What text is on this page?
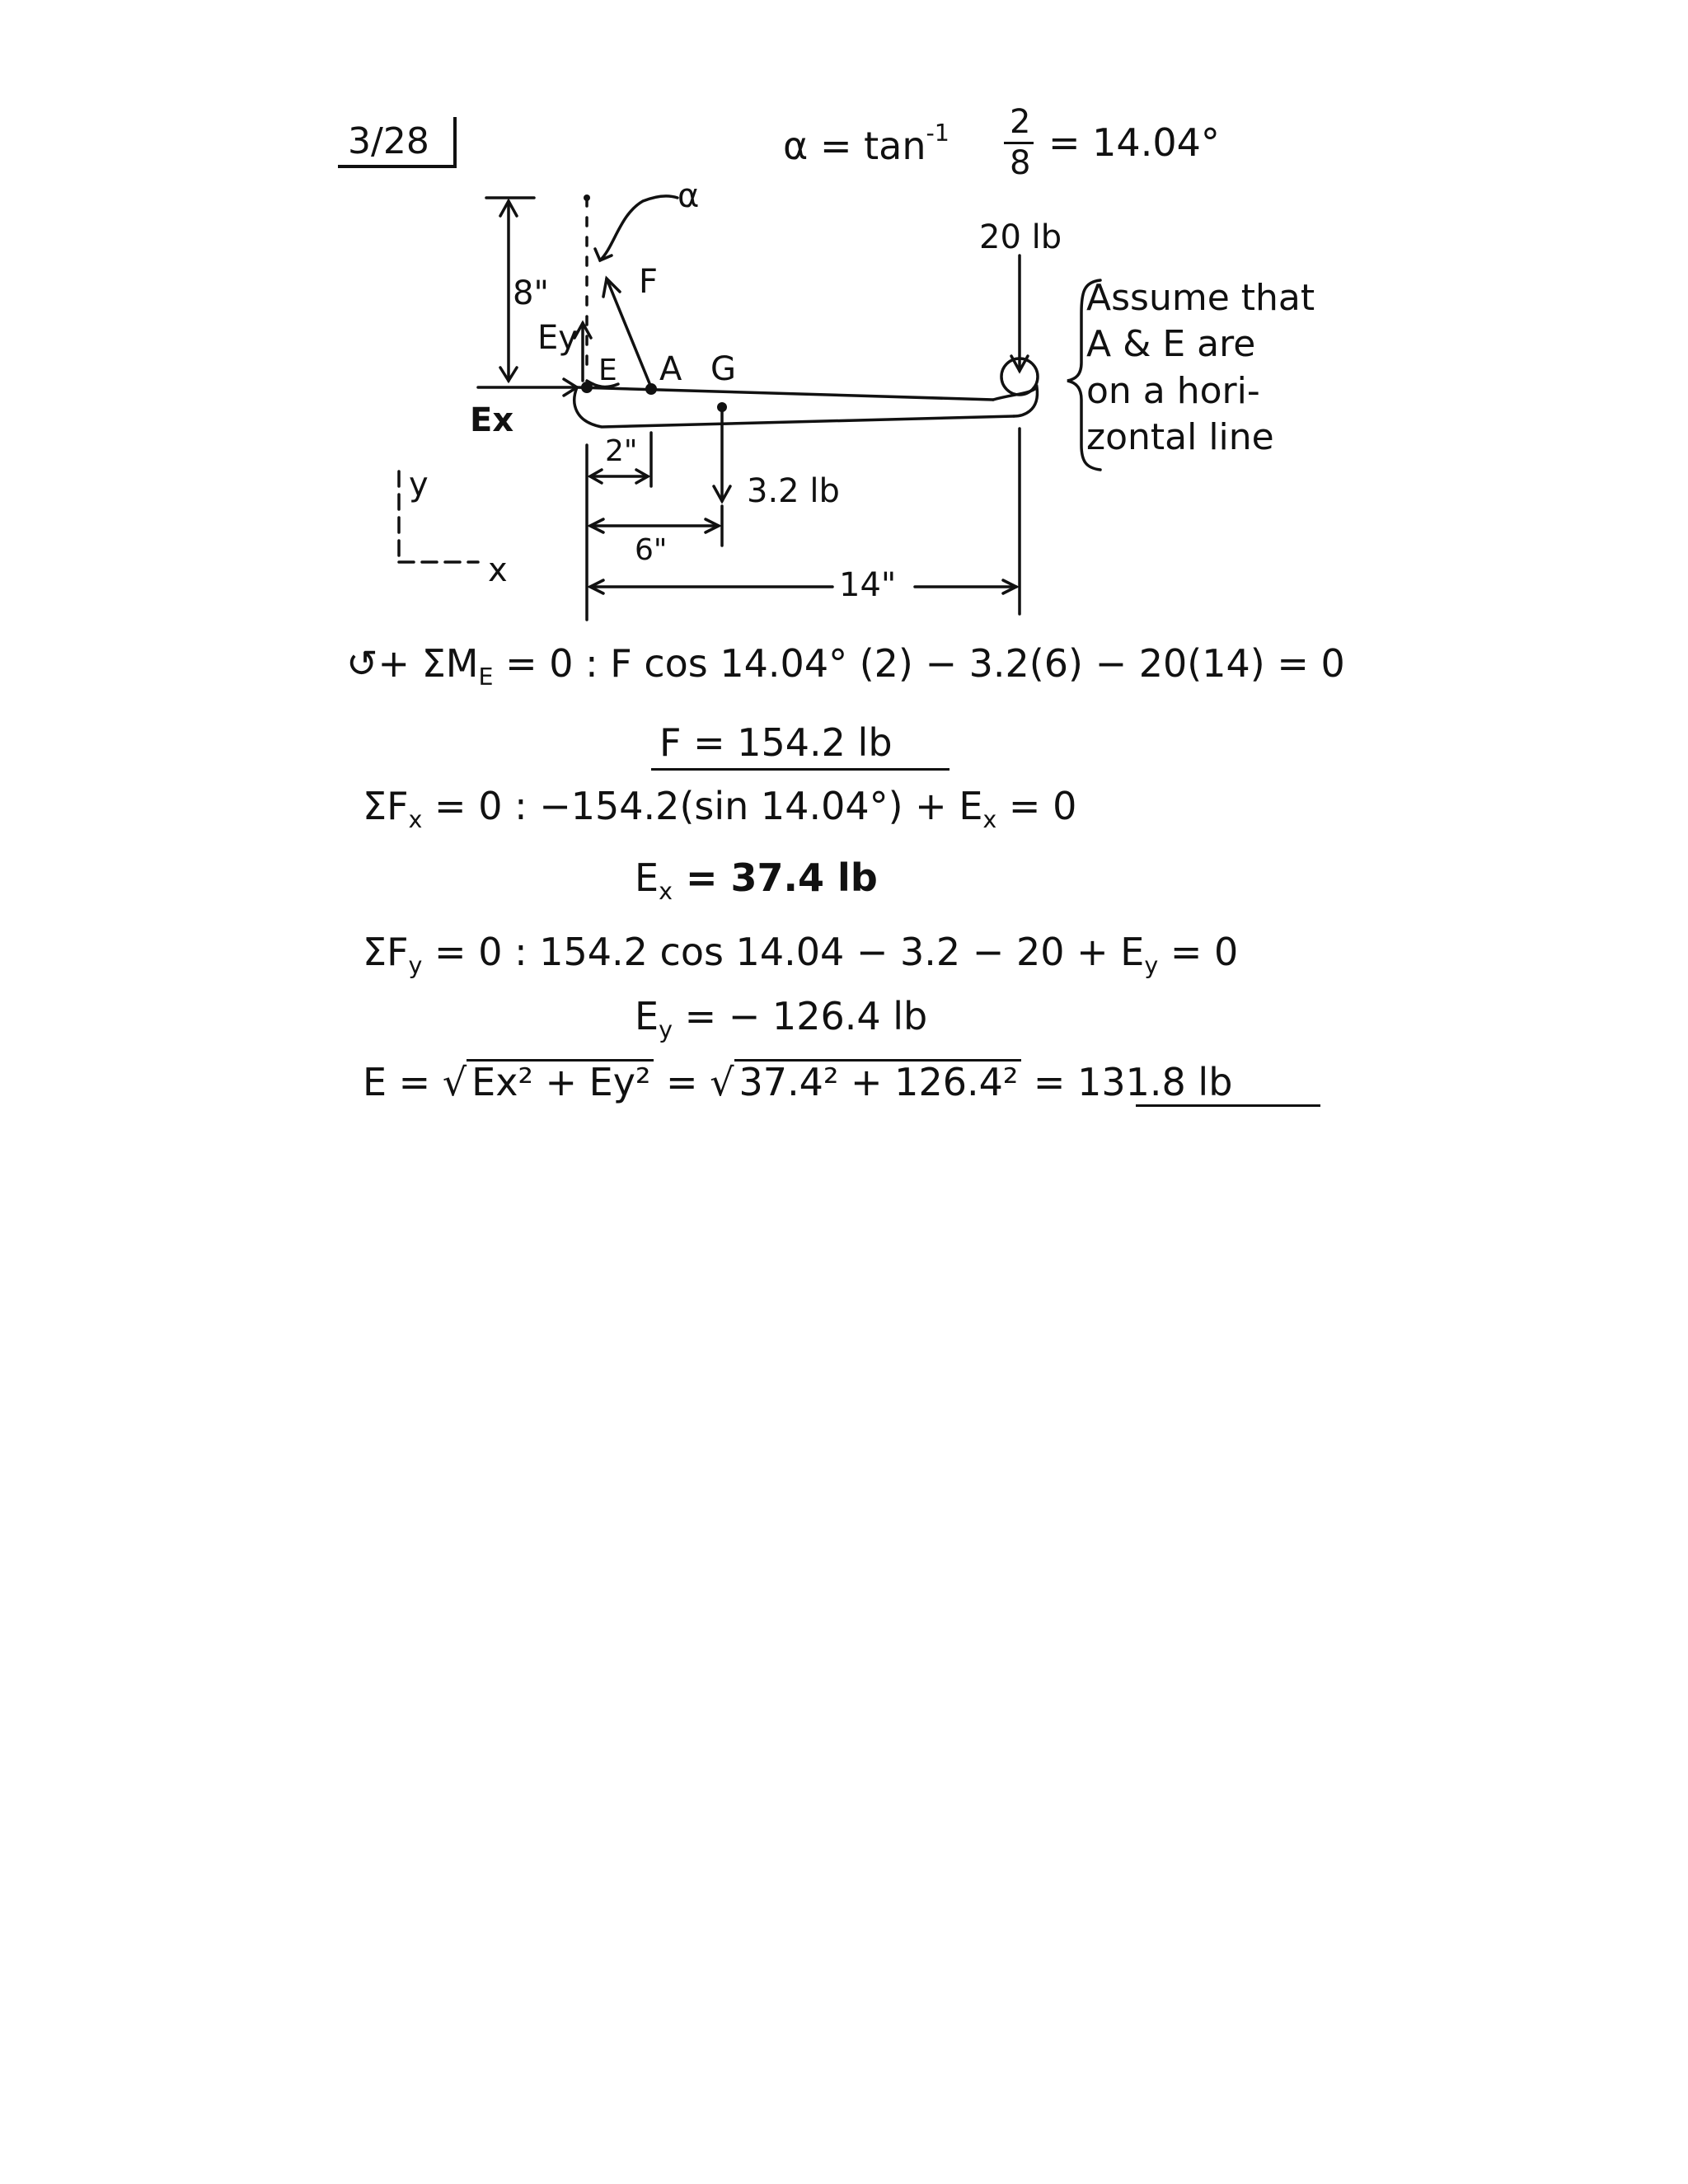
3/28	$\alpha = \tan^{-1} 2$
8 = 14.04°
α
20 lb
F
8"
Ey
E A G
Ex
2"
3.2 lb
6"
14"
y
x
Assume that
A & E are
on a hori-
zontal line
↺+ $\Sigma M_E = 0$ : F cos 14.04° (2) − 3.2(6) − 20(14) = 0
F = 154.2 lb
$\Sigma F_x = 0$ : −154.2(sin $14.04^\circ) + E_x = 0$
$E_x = 37.4$ lb
$\Sigma F_y = 0$ : 154.2 $\cos 14.04 - 3.2 - 20 + E_y = 0$
$E_y$ = − 126.4 lb
E = √ Ex² + Ey² = √ 37.4² + 126.4² = 131.8 lb
